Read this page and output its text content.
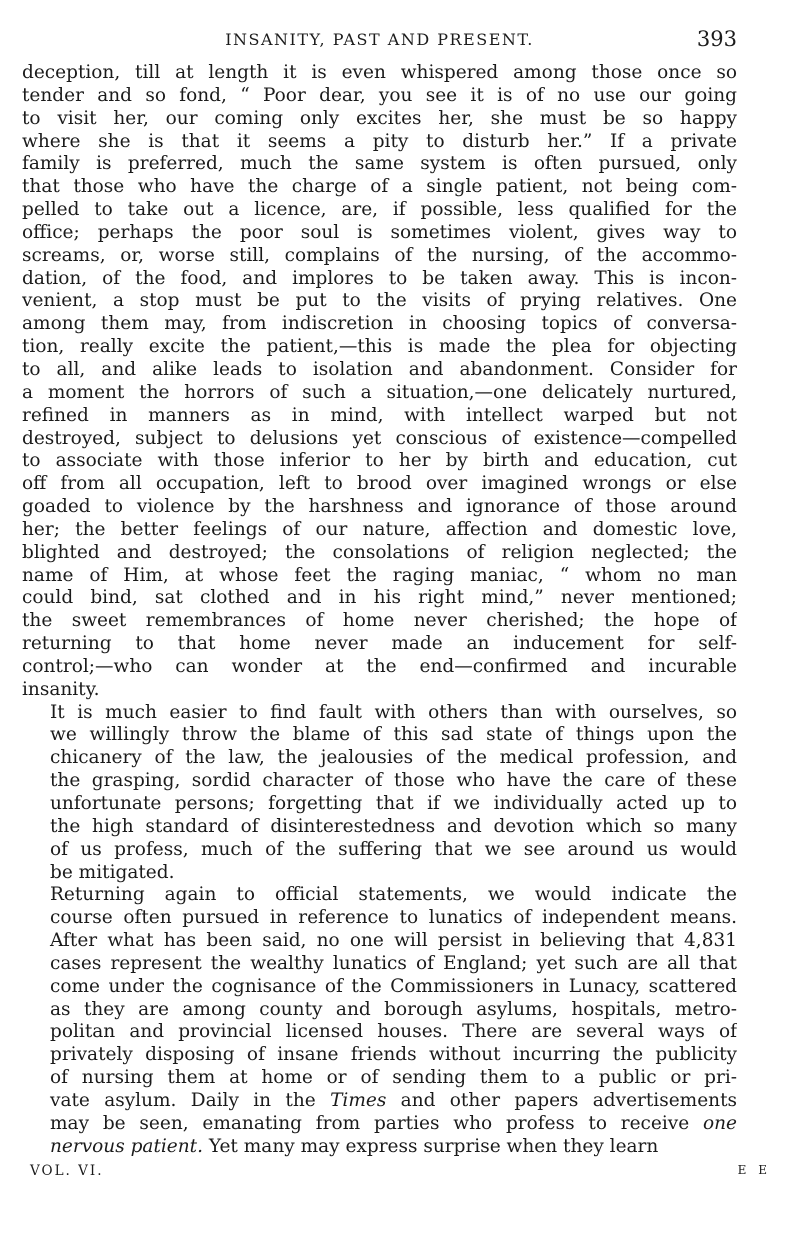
INSANITY, PAST AND PRESENT.	393

deception, till at length it is even whispered among those once so
tender and so fond, “ Poor dear, you see it is of no use our going
to visit her, our coming only excites her, she must be so happy
where she is that it seems a pity to disturb her.” If a private
family is preferred, much the same system is often pursued, only
that those who have the charge of a single patient, not being com-
pelled to take out a licence, are, if possible, less qualified for the
office; perhaps the poor soul is sometimes violent, gives way to
screams, or, worse still, complains of the nursing, of the accommo-
dation, of the food, and implores to be taken away. This is incon-
venient, a stop must be put to the visits of prying relatives. One
among them may, from indiscretion in choosing topics of conversa-
tion, really excite the patient,—this is made the plea for objecting
to all, and alike leads to isolation and abandonment. Consider for
a moment the horrors of such a situation,—one delicately nurtured,
refined in manners as in mind, with intellect warped but not
destroyed, subject to delusions yet conscious of existence—compelled
to associate with those inferior to her by birth and education, cut
off from all occupation, left to brood over imagined wrongs or else
goaded to violence by the harshness and ignorance of those around
her; the better feelings of our nature, affection and domestic love,
blighted and destroyed; the consolations of religion neglected; the
name of Him, at whose feet the raging maniac, “ whom no man
could bind, sat clothed and in his right mind,” never mentioned;
the sweet remembrances of home never cherished; the hope of
returning to that home never made an inducement for self-
control;—who can wonder at the end—confirmed and incurable
insanity.

It is much easier to find fault with others than with ourselves, so
we willingly throw the blame of this sad state of things upon the
chicanery of the law, the jealousies of the medical profession, and
the grasping, sordid character of those who have the care of these
unfortunate persons; forgetting that if we individually acted up to
the high standard of disinterestedness and devotion which so many
of us profess, much of the suffering that we see around us would
be mitigated.

Returning again to official statements, we would indicate the
course often pursued in reference to lunatics of independent means.
After what has been said, no one will persist in believing that 4,831
cases represent the wealthy lunatics of England; yet such are all that
come under the cognisance of the Commissioners in Lunacy, scattered
as they are among county and borough asylums, hospitals, metro-
politan and provincial licensed houses. There are several ways of
privately disposing of insane friends without incurring the publicity
of nursing them at home or of sending them to a public or pri-
vate asylum. Daily in the Times and other papers advertisements
may be seen, emanating from parties who profess to receive one
nervous patient. Yet many may express surprise when they learn

VOL. VI.	E E
